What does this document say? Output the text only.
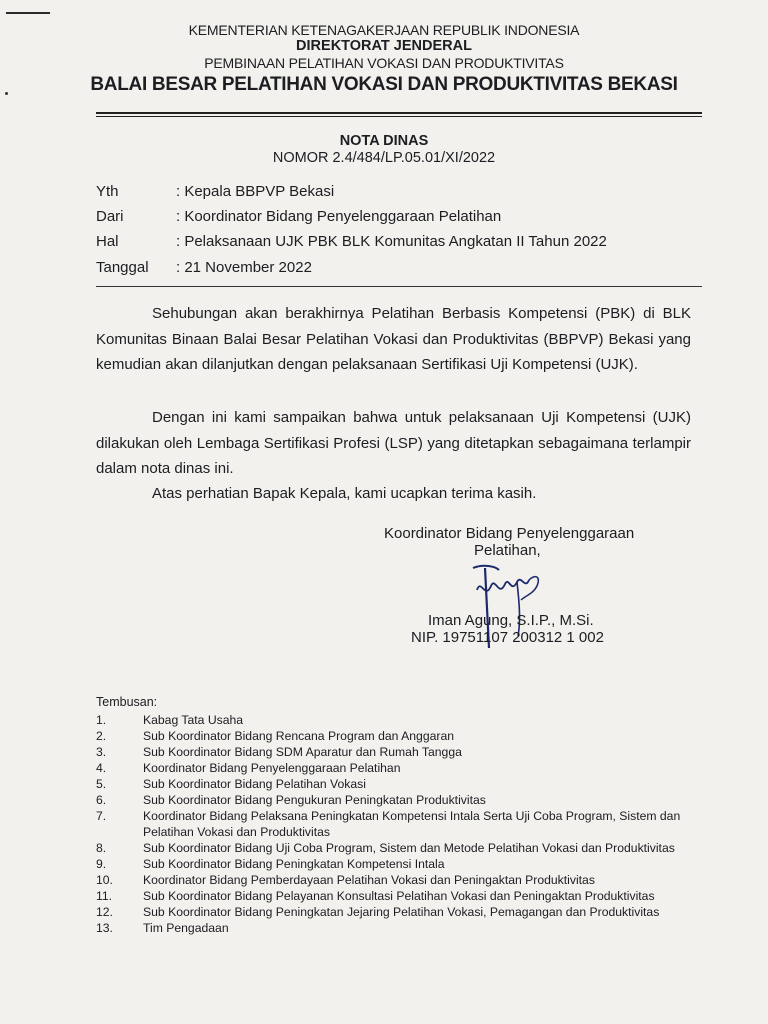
KEMENTERIAN KETENAGAKERJAAN REPUBLIK INDONESIA
DIREKTORAT JENDERAL
PEMBINAAN PELATIHAN VOKASI DAN PRODUKTIVITAS
BALAI BESAR PELATIHAN VOKASI DAN PRODUKTIVITAS BEKASI
NOTA DINAS
NOMOR 2.4/484/LP.05.01/XI/2022
Yth	: Kepala BBPVP Bekasi
Dari	: Koordinator Bidang Penyelenggaraan Pelatihan
Hal	: Pelaksanaan UJK PBK BLK Komunitas Angkatan II Tahun 2022
Tanggal : 21 November 2022
Sehubungan akan berakhirnya Pelatihan Berbasis Kompetensi (PBK) di BLK Komunitas Binaan Balai Besar Pelatihan Vokasi dan Produktivitas (BBPVP) Bekasi yang kemudian akan dilanjutkan dengan pelaksanaan Sertifikasi Uji Kompetensi (UJK).
Dengan ini kami sampaikan bahwa untuk pelaksanaan Uji Kompetensi (UJK) dilakukan oleh Lembaga Sertifikasi Profesi (LSP) yang ditetapkan sebagaimana terlampir dalam nota dinas ini.
Atas perhatian Bapak Kepala, kami ucapkan terima kasih.
Koordinator Bidang Penyelenggaraan
Pelatihan,
Iman Agung, S.I.P., M.Si.
NIP. 19751107 200312 1 002
Tembusan:
1.	Kabag Tata Usaha
2.	Sub Koordinator Bidang Rencana Program dan Anggaran
3.	Sub Koordinator Bidang SDM Aparatur dan Rumah Tangga
4.	Koordinator Bidang Penyelenggaraan Pelatihan
5.	Sub Koordinator Bidang Pelatihan Vokasi
6.	Sub Koordinator Bidang Pengukuran Peningkatan Produktivitas
7.	Koordinator Bidang Pelaksana Peningkatan Kompetensi Intala Serta Uji Coba Program, Sistem dan Pelatihan Vokasi dan Produktivitas
8.	Sub Koordinator Bidang Uji Coba Program, Sistem dan Metode Pelatihan Vokasi dan Produktivitas
9.	Sub Koordinator Bidang Peningkatan Kompetensi Intala
10. Koordinator Bidang Pemberdayaan Pelatihan Vokasi dan Peningaktan Produktivitas
11.	Sub Koordinator Bidang Pelayanan Konsultasi Pelatihan Vokasi dan Peningaktan Produktivitas
12. Sub Koordinator Bidang Peningkatan Jejaring Pelatihan Vokasi, Pemagangan dan Produktivitas
13. Tim Pengadaan
